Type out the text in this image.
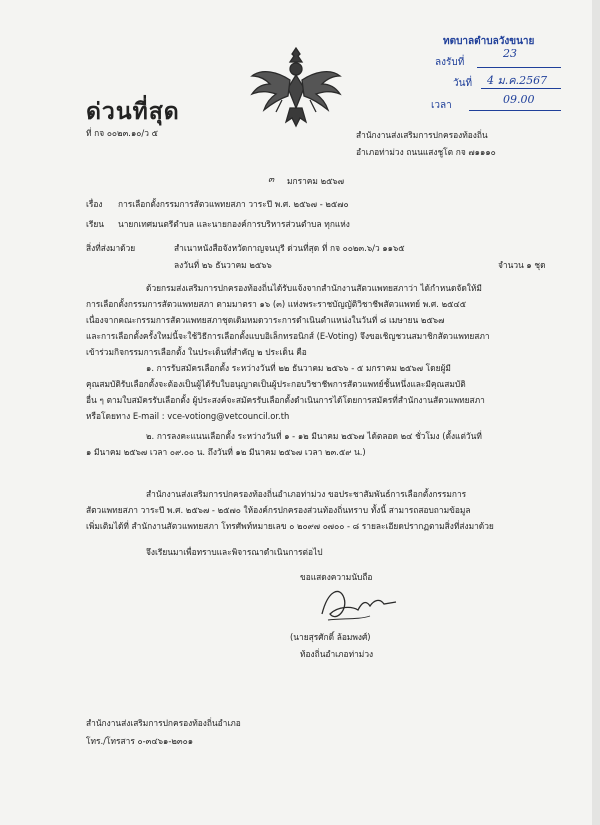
ทตบาลตำบลวังขนาย
ลงรับที่
23
วันที่ 4 ม.ค.2567
เวลา	09.00
ด่วนที่สุด
ที่ กจ ๐๐๒๓.๑๐/ว ๕	สำนักงานส่งเสริมการปกครองท้องถิ่น
อำเภอท่าม่วง ถนนแสงชูโต กจ ๗๑๑๑๐
๓ มกราคม ๒๕๖๗
เรื่อง การเลือกตั้งกรรมการสัตวแพทยสภา วาระปี พ.ศ. ๒๕๖๗ - ๒๕๗๐
เรียน นายกเทศมนตรีตำบล และนายกองค์การบริหารส่วนตำบล ทุกแห่ง
สิ่งที่ส่งมาด้วย	สำเนาหนังสือจังหวัดกาญจนบุรี ด่วนที่สุด ที่ กจ ๐๐๒๓.๖/ว ๑๑๖๕
ลงวันที่ ๒๖ ธันวาคม ๒๕๖๖	จำนวน ๑ ชุด
ด้วยกรมส่งเสริมการปกครองท้องถิ่นได้รับแจ้งจากสำนักงานสัตวแพทยสภาว่า ได้กำหนดจัดให้มี
การเลือกตั้งกรรมการสัตวแพทยสภา ตามมาตรา ๑๖ (๓) แห่งพระราชบัญญัติวิชาชีพสัตวแพทย์ พ.ศ. ๒๕๔๕
เนื่องจากคณะกรรมการสัตวแพทยสภาชุดเดิมหมดวาระการดำเนินตำแหน่งในวันที่ ๘ เมษายน ๒๕๖๗
และการเลือกตั้งครั้งใหม่นี้จะใช้วิธีการเลือกตั้งแบบอิเล็กทรอนิกส์ (E-Voting) จึงขอเชิญชวนสมาชิกสัตวแพทยสภา
เข้าร่วมกิจกรรมการเลือกตั้ง ในประเด็นที่สำคัญ ๒ ประเด็น คือ
๑. การรับสมัครเลือกตั้ง ระหว่างวันที่ ๒๒ ธันวาคม ๒๕๖๖ - ๕ มกราคม ๒๕๖๗ โดยผู้มี
คุณสมบัติรับเลือกตั้งจะต้องเป็นผู้ได้รับใบอนุญาตเป็นผู้ประกอบวิชาชีพการสัตวแพทย์ชั้นหนึ่งและมีคุณสมบัติ
อื่น ๆ ตามใบสมัครรับเลือกตั้ง ผู้ประสงค์จะสมัครรับเลือกตั้งดำเนินการได้โดยการสมัครที่สำนักงานสัตวแพทยสภา
หรือโดยทาง E-mail : vce-votiong@vetcouncil.or.th
๒. การลงคะแนนเลือกตั้ง ระหว่างวันที่ ๑ - ๑๒ มีนาคม ๒๕๖๗ ได้ตลอด ๒๔ ชั่วโมง (ตั้งแต่วันที่
๑ มีนาคม ๒๕๖๗ เวลา ๐๙.๐๐ น. ถึงวันที่ ๑๒ มีนาคม ๒๕๖๗ เวลา ๒๓.๕๙ น.)
สำนักงานส่งเสริมการปกครองท้องถิ่นอำเภอท่าม่วง ขอประชาสัมพันธ์การเลือกตั้งกรรมการ
สัตวแพทยสภา วาระปี พ.ศ. ๒๕๖๗ - ๒๕๗๐ ให้องค์กรปกครองส่วนท้องถิ่นทราบ ทั้งนี้ สามารถสอบถามข้อมูล
เพิ่มเติมได้ที่ สำนักงานสัตวแพทยสภา โทรศัพท์หมายเลข ๐ ๒๐๙๗ ๐๗๐๐ - ๘ รายละเอียดปรากฏตามสิ่งที่ส่งมาด้วย
จึงเรียนมาเพื่อทราบและพิจารณาดำเนินการต่อไป
ขอแสดงความนับถือ
(นายสุรศักดิ์ ล้อมพงศ์)
ท้องถิ่นอำเภอท่าม่วง
สำนักงานส่งเสริมการปกครองท้องถิ่นอำเภอ
โทร./โทรสาร ๐-๓๔๖๑-๒๓๐๑
